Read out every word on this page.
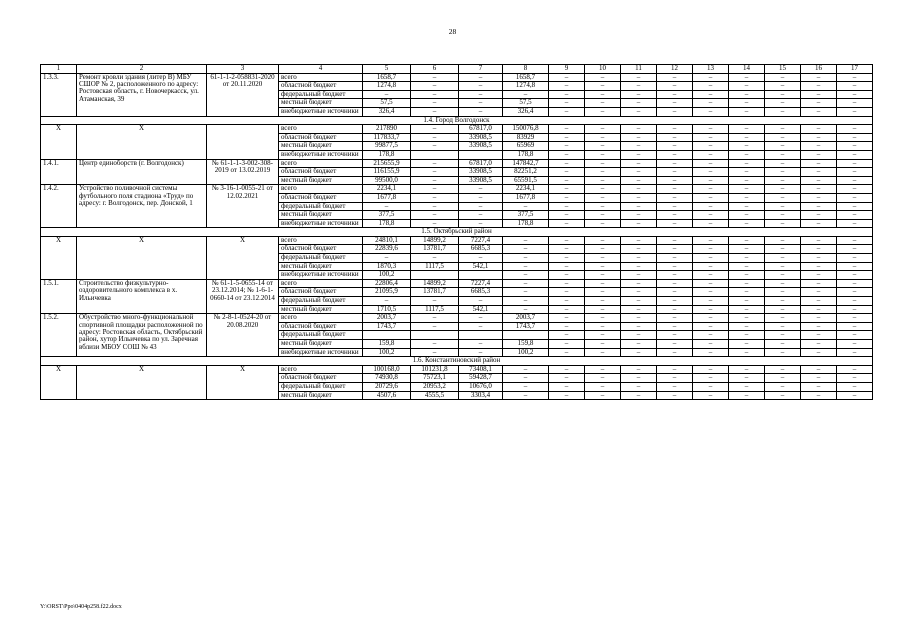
28
1	2	3	4	5	6	7	8	9	10	11	12	13	14	15	16	17
1.3.3.	Ремонт кровли здания (литер В) МБУ СШОР № 2, расположенного по адресу: Ростовская область, г. Новочеркасск, ул. Атаманская, 39	61-1-1-2-058831-2020 от 20.11.2020	всего	1658,7	–	–	1658,7	–	–	–	–	–	–	–	–	–
			областной бюджет	1274,8	–	–	1274,8	–	–	–	–	–	–	–	–	–
			федеральный бюджет	–	–	–	–	–	–	–	–	–	–	–	–	–
			местный бюджет	57,5	–	–	57,5	–	–	–	–	–	–	–	–	–
			внебюджетные источники	326,4	–	–	326,4	–	–	–	–	–	–	–	–	–
1.4. Город Волгодонск																
Х	Х		всего	217890	–	67817,0	150076,8	–	–	–	–	–	–	–	–	–
			областной бюджет	117833,7	–	33908,5	83929	–	–	–	–	–	–	–	–	–
			местный бюджет	99877,5	–	33908,5	65969	–	–	–	–	–	–	–	–	–
			внебюджетные источники	178,8			178,8	–	–	–	–	–	–	–	–	–
1.4.1.	Центр единоборств (г. Волгодонск)	№ 61-1-1-3-002-308-2019 от 13.02.2019	всего	215655,9	–	67817,0	147842,7	–	–	–	–	–	–	–	–	–
			областной бюджет	116155,9	–	33908,5	82251,2	–	–	–	–	–	–	–	–	–
			местный бюджет	99500,0	–	33908,5	65591,5	–	–	–	–	–	–	–	–	–
1.4.2.	Устройство поливочной системы футбольного поля стадиона «Труд» по адресу: г. Волгодонск, пер. Донской, 1	№ 3-16-1-0055-21 от 12.02.2021	всего	2234,1	–	–	2234,1	–	–	–	–	–	–	–	–	–
			областной бюджет	1677,8	–	–	1677,8	–	–	–	–	–	–	–	–	–
			федеральный бюджет	–	–	–	–	–	–	–	–	–	–	–	–	–
			местный бюджет	377,5	–	–	377,5	–	–	–	–	–	–	–	–	–
			внебюджетные источники	178,8	–	–	178,8	–	–	–	–	–	–	–	–	–
1.5. Октябрьский район																
Х	Х	Х	всего	24810,1	14899,2	7227,4	–	–	–	–	–	–	–	–	–	–
			областной бюджет	22839,6	13781,7	6685,3	–	–	–	–	–	–	–	–	–	–
			федеральный бюджет	–	–	–	–	–	–	–	–	–	–	–	–	–
			местный бюджет	1870,3	1117,5	542,1	–	–	–	–	–	–	–	–	–	–
			внебюджетные источники	100,2			–	–	–	–	–	–	–	–	–	–
1.5.1.	Строительство физкультурно-оздоровительного комплекса в х. Ильичевка	№ 61-1-5-0655-14 от 23.12.2014; № 1-6-1-0660-14 от 23.12.2014	всего	22806,4	14899,2	7227,4	–	–	–	–	–	–	–	–	–	–
			областной бюджет	21095,9	13781,7	6685,3	–	–	–	–	–	–	–	–	–	–
			федеральный бюджет	–	–	–	–	–	–	–	–	–	–	–	–	–
			местный бюджет	1710,5	1117,5	542,1	–	–	–	–	–	–	–	–	–	–
1.5.2.	Обустройство много-функциональной спортивной площадки расположенной по адресу: Ростовская область, Октябрьский район, хутор Ильичевка по ул. Заречная вблизи МБОУ СОШ № 43	№ 2-8-1-0524-20 от 20.08.2020	всего	2003,7	–	–	2003,7	–	–	–	–	–	–	–	–	–
			областной бюджет	1743,7	–	–	1743,7	–	–	–	–	–	–	–	–	–
			федеральный бюджет					–	–	–	–	–	–	–	–	–
			местный бюджет	159,8	–	–	159,8	–	–	–	–	–	–	–	–	–
			внебюджетные источники	100,2	–	–	100,2	–	–	–	–	–	–	–	–	–
1.6. Константиновский район																
Х	Х	Х	всего	100168,0	101231,8	73408,1	–	–	–	–	–	–	–	–	–	–
			областной бюджет	74930,8	75723,1	59428,7	–	–	–	–	–	–	–	–	–	–
			федеральный бюджет	20729,6	20953,2	10676,0	–	–	–	–	–	–	–	–	–	–
			местный бюджет	4507,6	4555,5	3303,4	–	–	–	–	–	–	–	–	–	–
Y:\ORST\Ppo\0404p258.f22.docx
